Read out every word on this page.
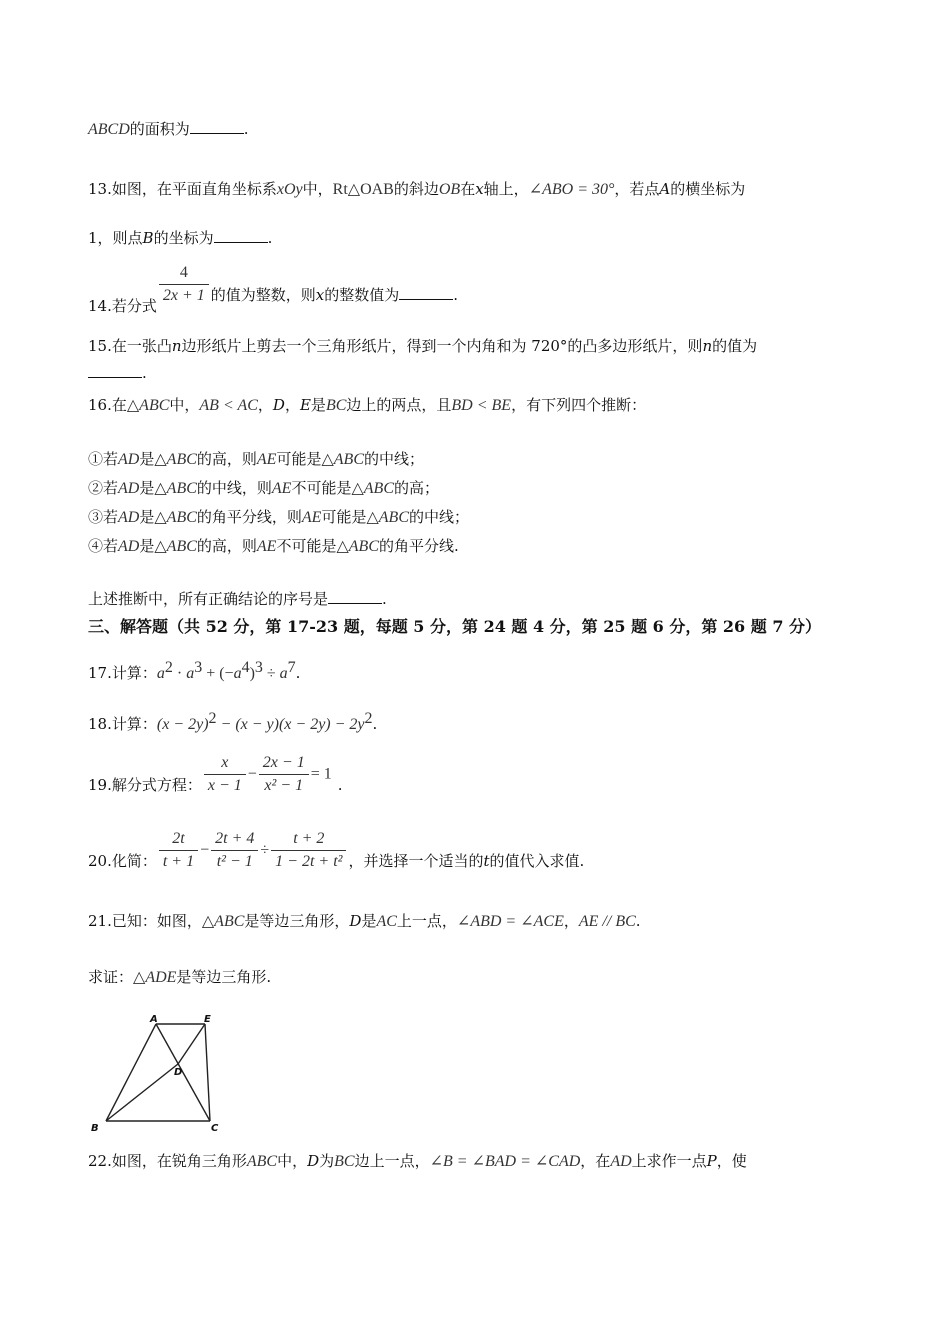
ABCD的面积为	.
13.如图，在平面直角坐标系xOy中，Rt△OAB的斜边OB在x轴上，∠ABO = 30°，若点A的横坐标为
1，则点B的坐标为	.
14.若分式 $\frac{4}{2x + 1}$ 的值为整数，则x的整数值为	.
15.在一张凸n边形纸片上剪去一个三角形纸片，得到一个内角和为 720°的凸多边形纸片，则n的值为
.
16.在△ABC中，AB < AC，D，E是BC边上的两点，且BD < BE，有下列四个推断：
①若AD是△ABC的高，则AE可能是△ABC的中线；
②若AD是△ABC的中线，则AE不可能是△ABC的高；
③若AD是△ABC的角平分线，则AE可能是△ABC的中线；
④若AD是△ABC的高，则AE不可能是△ABC的角平分线.
上述推断中，所有正确结论的序号是	.
三、解答题（共 52 分，第 17-23 题，每题 5 分，第 24 题 4 分，第 25 题 6 分，第 26 题 7 分）
17.计算：$a^2 \cdot a^3 + (-a^4)^3 \div a^7$.
18.计算：$(x - 2y)^2 - (x - y)(x - 2y) - 2y^2$.
19.解分式方程： $\frac{x}{x - 1} - \frac{2x - 1}{\text{x² − 1}} = 1$.
20.化简： $\frac{2t}{t + 1} - \frac{2t + 4}{\text{t² − 1}} \div \frac{t + 2}{\text{1 − 2t + t²}}$ ，并选择一个适当的t的值代入求值.
21.已知：如图，△ABC是等边三角形，D是AC上一点，∠ABD = ∠ACE，AE // BC.
求证：△ADE是等边三角形.
A	E
D
B	C
22.如图，在锐角三角形ABC中，D为BC边上一点，∠B = ∠BAD = ∠CAD，在AD上求作一点P，使
